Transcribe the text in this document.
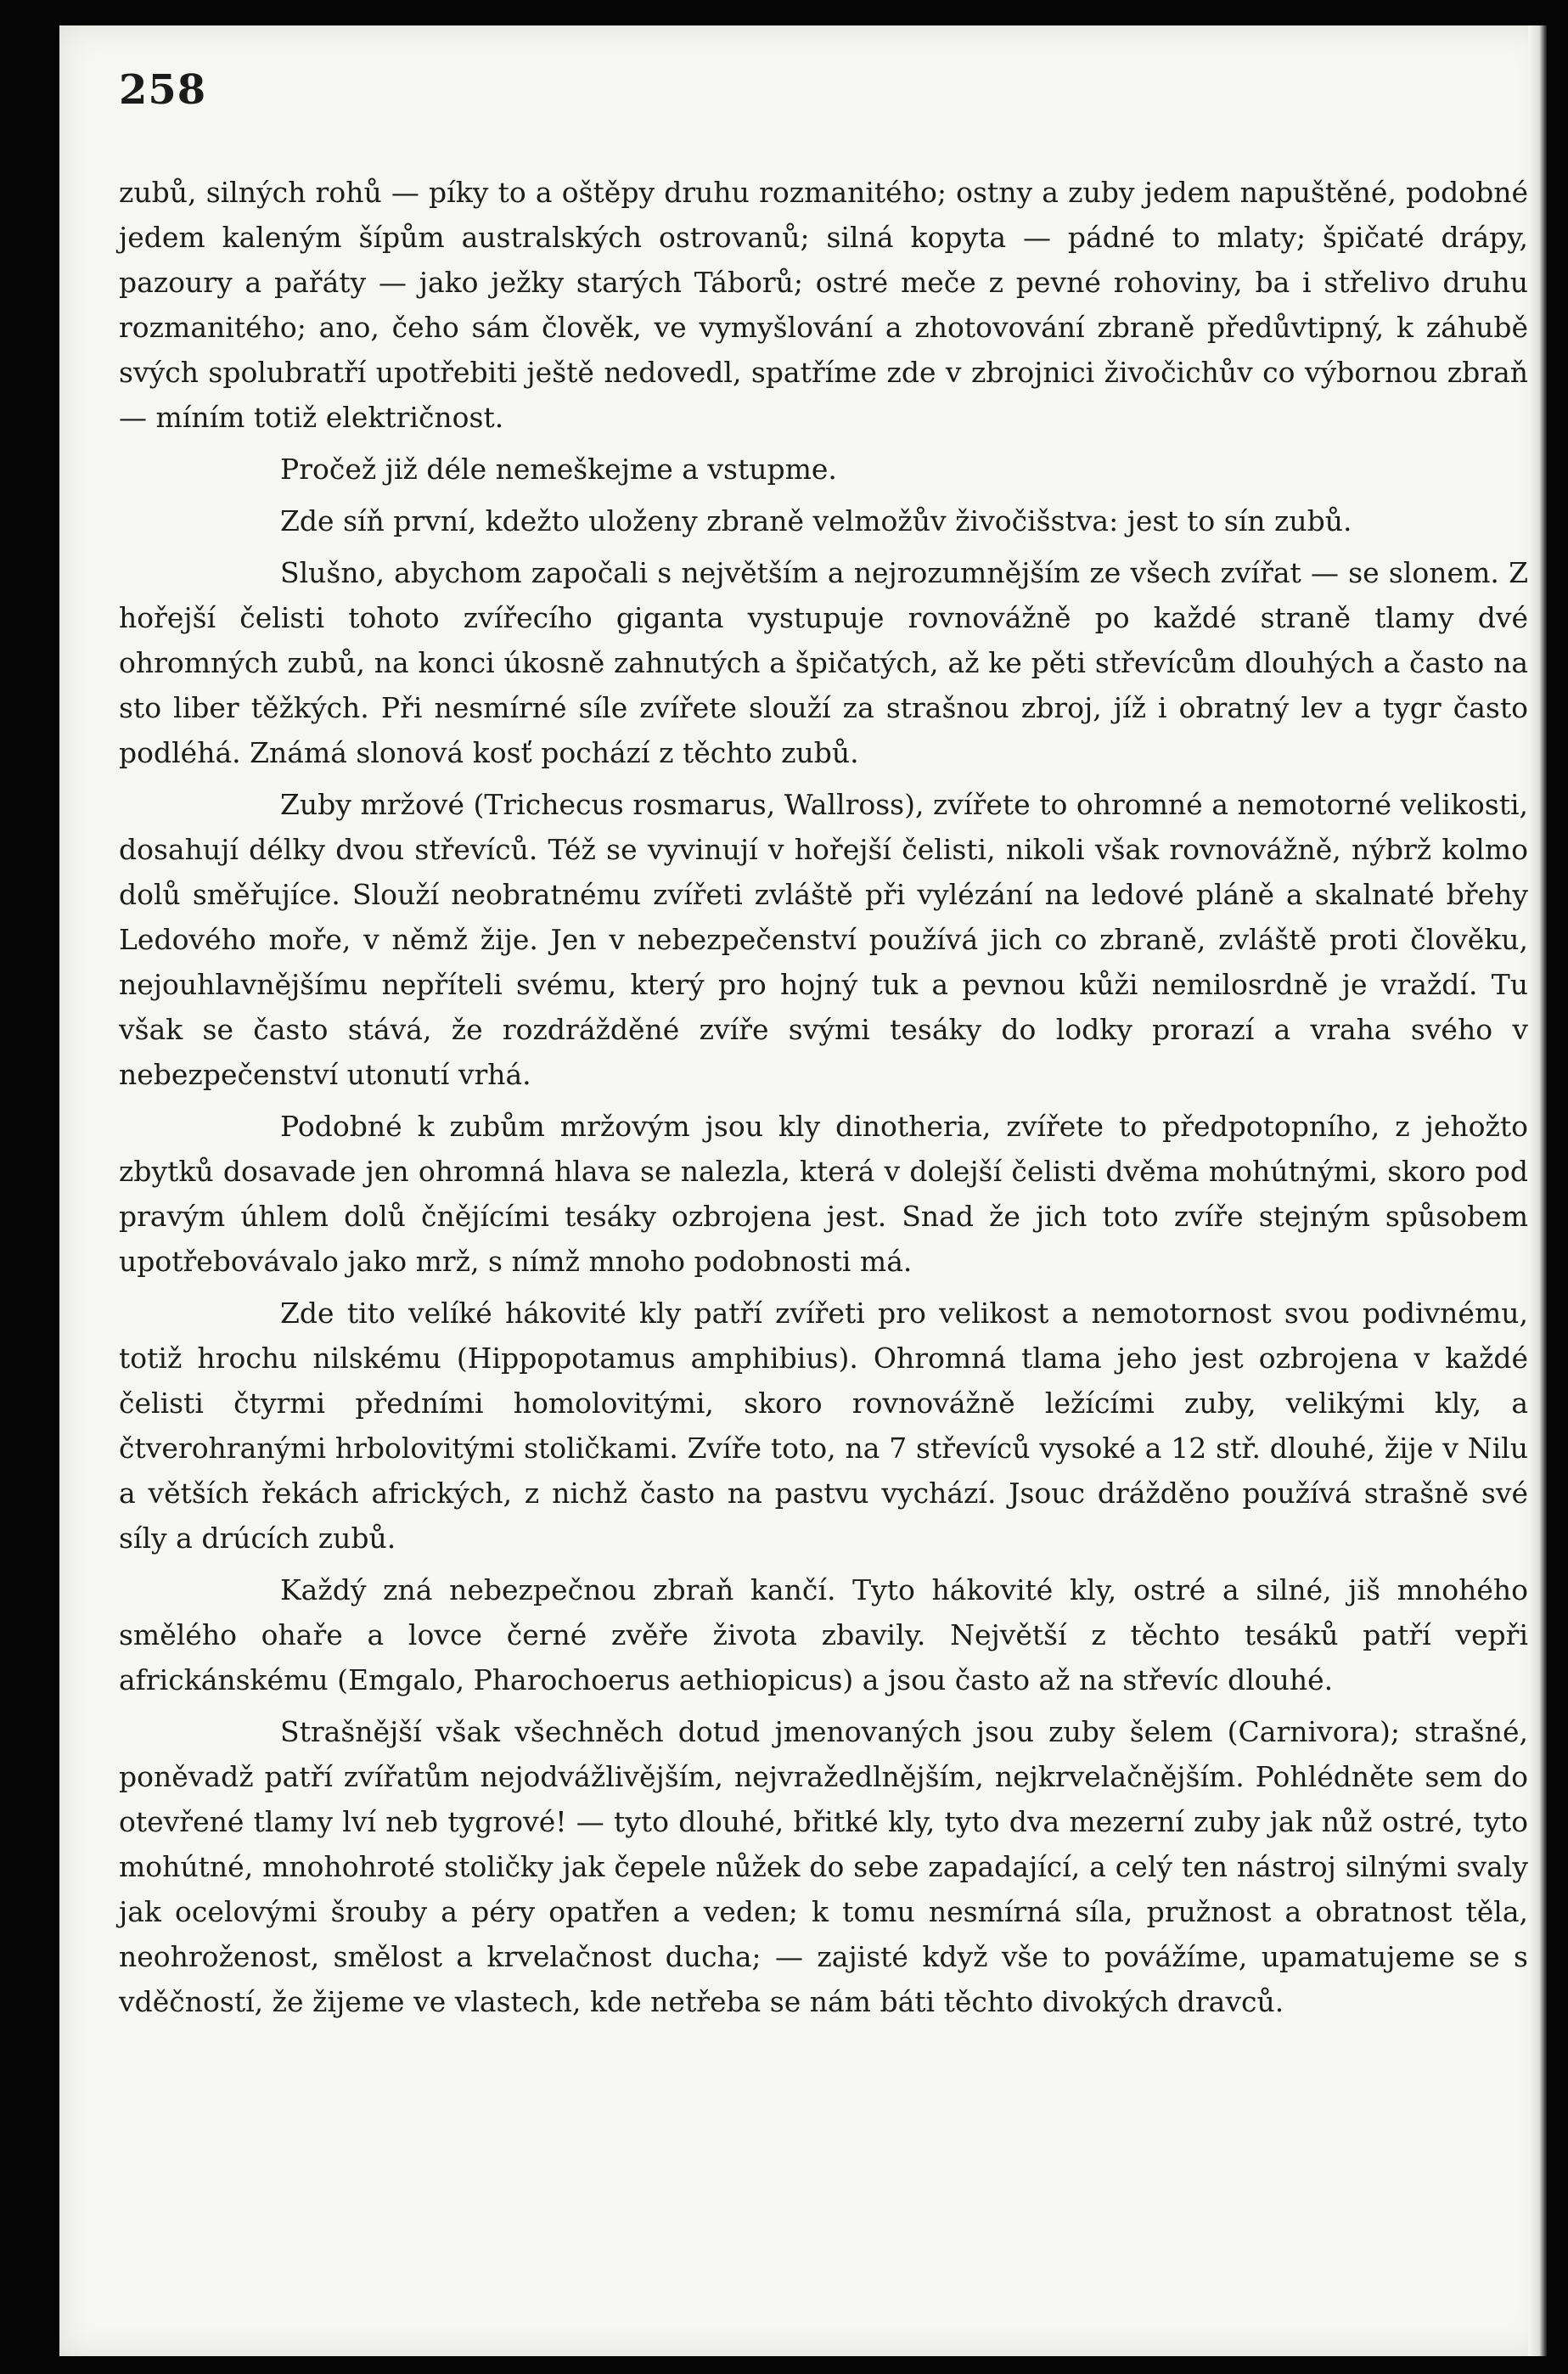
258

zubů, silných rohů — píky to a oštěpy druhu rozmanitého; ostny a zuby jedem napuštěné, podobné jedem kaleným šípům australských ostrovanů; silná kopyta — pádné to mlaty; špičaté drápy, pazoury a pařáty — jako ježky starých Táborů; ostré meče z pevné rohoviny, ba i střelivo druhu rozmanitého; ano, čeho sám člověk, ve vymyšlování a zhotovování zbraně předůvtipný, k záhubě svých spolubratří upotřebiti ještě nedovedl, spatříme zde v zbrojnici živočichův co výbornou zbraň — míním totiž električnost.

Pročež již déle nemeškejme a vstupme.

Zde síň první, kdežto uloženy zbraně velmožův živočišstva: jest to sín zubů.

Slušno, abychom započali s největším a nejrozumnějším ze všech zvířat — se slonem. Z hořejší čelisti tohoto zvířecího giganta vystupuje rovnovážně po každé straně tlamy dvé ohromných zubů, na konci úkosně zahnutých a špičatých, až ke pěti střevícům dlouhých a často na sto liber těžkých. Při nesmírné síle zvířete slouží za strašnou zbroj, jíž i obratný lev a tygr často podléhá. Známá slonová kosť pochází z těchto zubů.

Zuby mržové (Trichecus rosmarus, Wallross), zvířete to ohromné a nemotorné velikosti, dosahují délky dvou střevíců. Též se vyvinují v hořejší čelisti, nikoli však rovnovážně, nýbrž kolmo dolů směřujíce. Slouží neobratnému zvířeti zvláště při vylézání na ledové pláně a skalnaté břehy Ledového moře, v němž žije. Jen v nebezpečenství používá jich co zbraně, zvláště proti člověku, nejouhlavnějšímu nepříteli svému, který pro hojný tuk a pevnou kůži nemilosrdně je vraždí. Tu však se často stává, že rozdrážděné zvíře svými tesáky do lodky prorazí a vraha svého v nebezpečenství utonutí vrhá.

Podobné k zubům mržovým jsou kly dinotheria, zvířete to předpotopního, z jehožto zbytků dosavade jen ohromná hlava se nalezla, která v dolejší čelisti dvěma mohútnými, skoro pod pravým úhlem dolů čnějícími tesáky ozbrojena jest. Snad že jich toto zvíře stejným spůsobem upotřebovávalo jako mrž, s nímž mnoho podobnosti má.

Zde tito velíké hákovité kly patří zvířeti pro velikost a nemotornost svou podivnému, totiž hrochu nilskému (Hippopotamus amphibius). Ohromná tlama jeho jest ozbrojena v každé čelisti čtyrmi předními homolovitými, skoro rovnovážně ležícími zuby, velikými kly, a čtverohranými hrbolovitými stoličkami. Zvíře toto, na 7 střevíců vysoké a 12 stř. dlouhé, žije v Nilu a větších řekách afrických, z nichž často na pastvu vychází. Jsouc drážděno používá strašně své síly a drúcích zubů.

Každý zná nebezpečnou zbraň kančí. Tyto hákovité kly, ostré a silné, jiš mnohého smělého ohaře a lovce černé zvěře života zbavily. Největší z těchto tesáků patří vepři africkánskému (Emgalo, Pharochoerus aethiopicus) a jsou často až na střevíc dlouhé.

Strašnější však všechněch dotud jmenovaných jsou zuby šelem (Carnivora); strašné, poněvadž patří zvířatům nejodvážlivějším, nejvražedlnějším, nejkrvelačnějším. Pohlédněte sem do otevřené tlamy lví neb tygrové! — tyto dlouhé, břitké kly, tyto dva mezerní zuby jak nůž ostré, tyto mohútné, mnohohroté stoličky jak čepele nůžek do sebe zapadající, a celý ten nástroj silnými svaly jak ocelovými šrouby a péry opatřen a veden; k tomu nesmírná síla, pružnost a obratnost těla, neohroženost, smělost a krvelačnost ducha; — zajisté když vše to povážíme, upamatujeme se s vděčností, že žijeme ve vlastech, kde netřeba se nám báti těchto divokých dravců.
